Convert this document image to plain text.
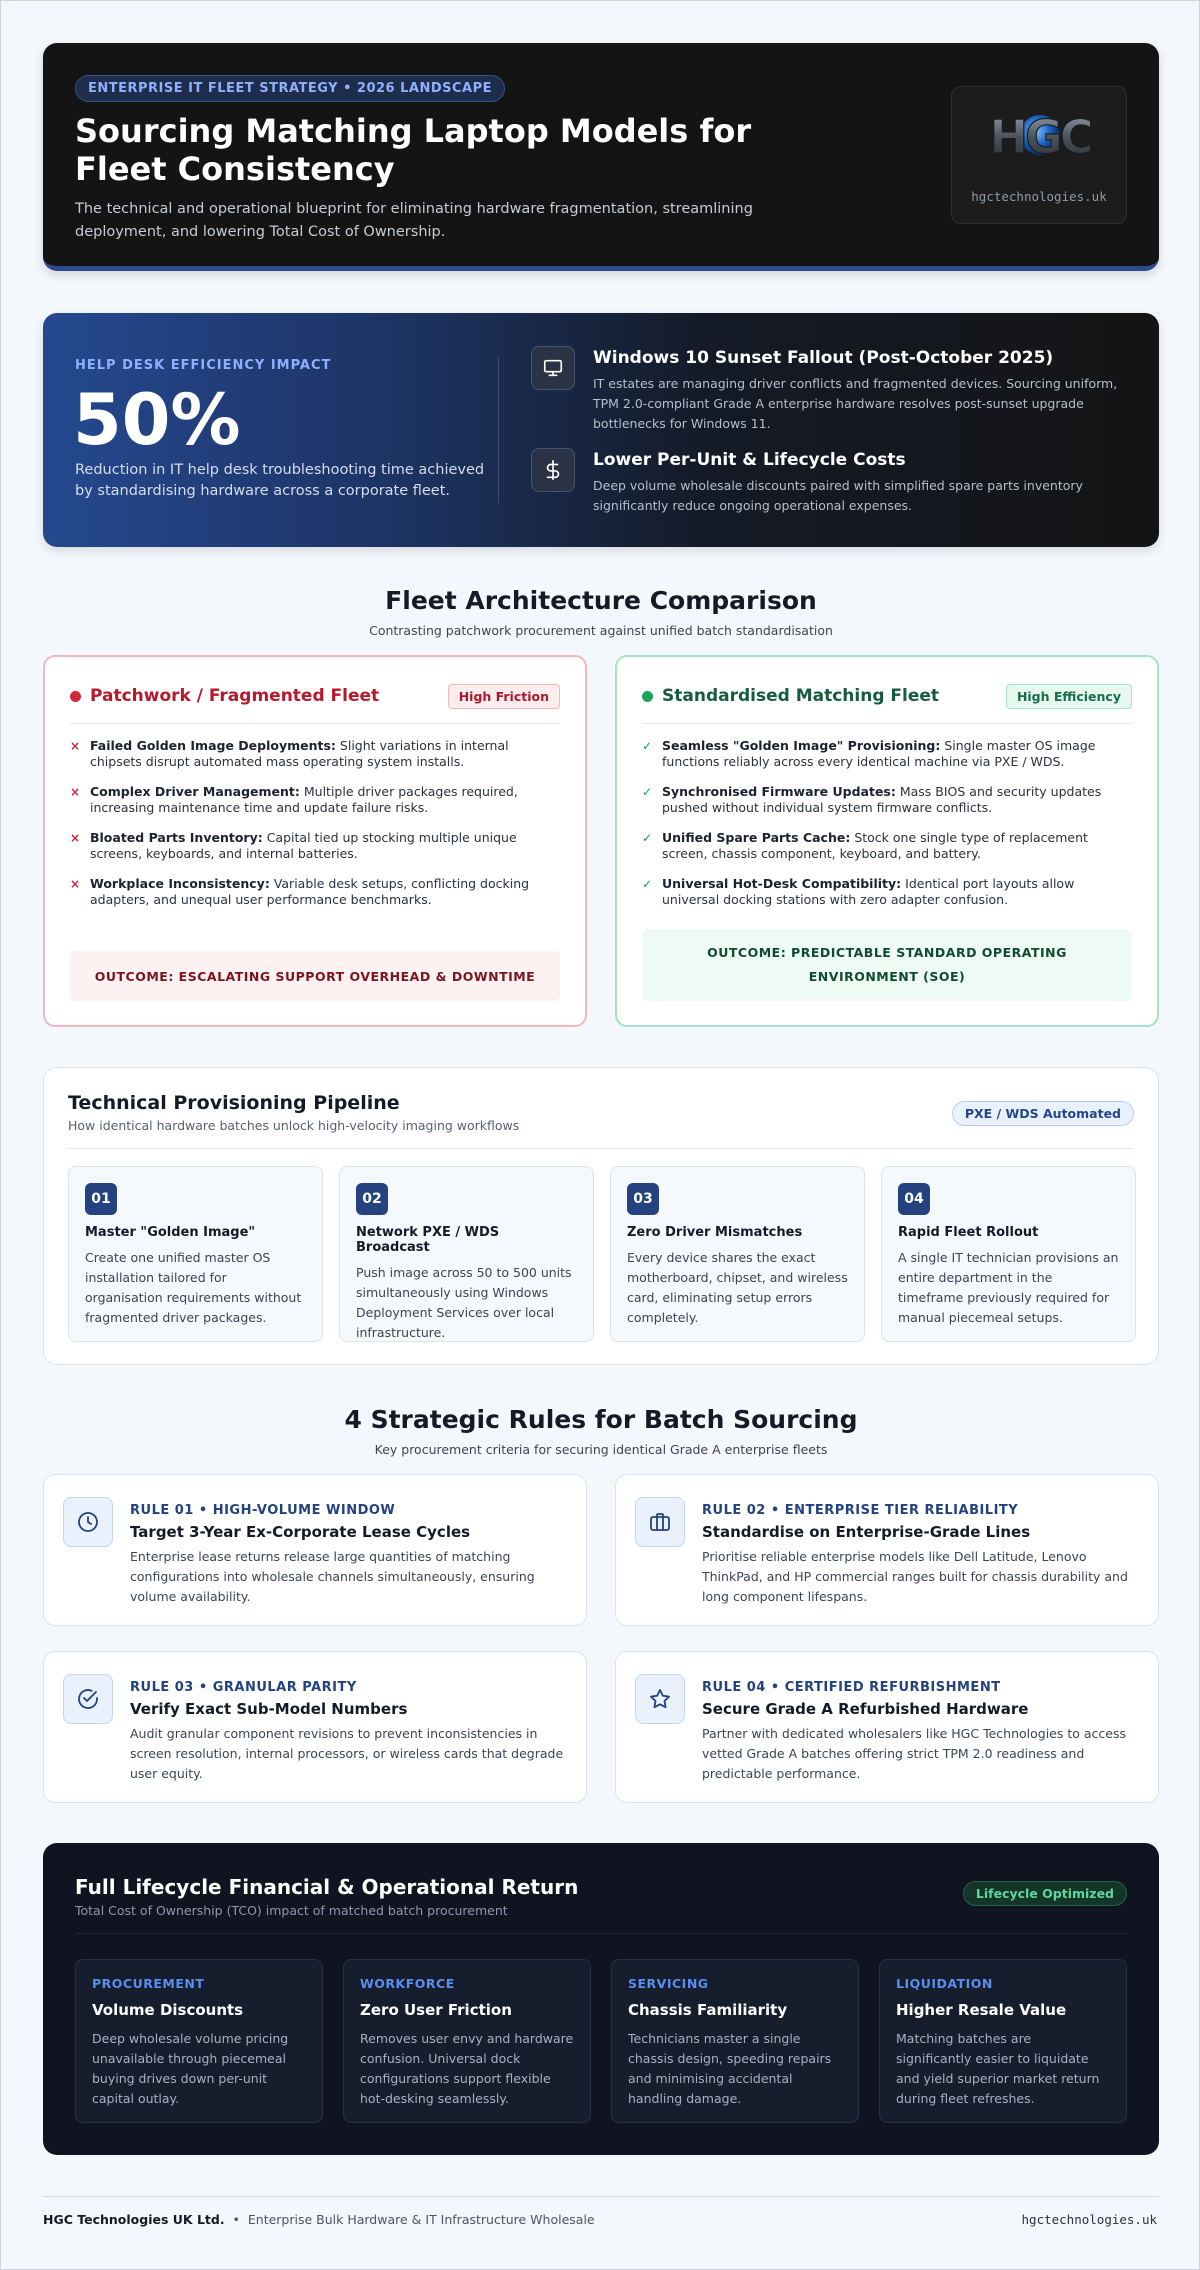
ENTERPRISE IT FLEET STRATEGY • 2026 LANDSCAPE
Sourcing Matching Laptop Models for Fleet Consistency
The technical and operational blueprint for eliminating hardware fragmentation, streamlining deployment, and lowering Total Cost of Ownership.
HGC
hgctechnologies.uk
HELP DESK EFFICIENCY IMPACT
50%
Reduction in IT help desk troubleshooting time achieved by standardising hardware across a corporate fleet.
Windows 10 Sunset Fallout (Post-October 2025)
IT estates are managing driver conflicts and fragmented devices. Sourcing uniform, TPM 2.0-compliant Grade A enterprise hardware resolves post-sunset upgrade bottlenecks for Windows 11.
Lower Per-Unit & Lifecycle Costs
Deep volume wholesale discounts paired with simplified spare parts inventory significantly reduce ongoing operational expenses.
Fleet Architecture Comparison
Contrasting patchwork procurement against unified batch standardisation
Patchwork / Fragmented Fleet	High Friction
× Failed Golden Image Deployments: Slight variations in internal chipsets disrupt automated mass operating system installs.
× Complex Driver Management: Multiple driver packages required, increasing maintenance time and update failure risks.
× Bloated Parts Inventory: Capital tied up stocking multiple unique screens, keyboards, and internal batteries.
× Workplace Inconsistency: Variable desk setups, conflicting docking adapters, and unequal user performance benchmarks.
OUTCOME: ESCALATING SUPPORT OVERHEAD & DOWNTIME
Standardised Matching Fleet	High Efficiency
✓ Seamless "Golden Image" Provisioning: Single master OS image functions reliably across every identical machine via PXE / WDS.
✓ Synchronised Firmware Updates: Mass BIOS and security updates pushed without individual system firmware conflicts.
✓ Unified Spare Parts Cache: Stock one single type of replacement screen, chassis component, keyboard, and battery.
✓ Universal Hot-Desk Compatibility: Identical port layouts allow universal docking stations with zero adapter confusion.
OUTCOME: PREDICTABLE STANDARD OPERATING ENVIRONMENT (SOE)
Technical Provisioning Pipeline
How identical hardware batches unlock high-velocity imaging workflows
PXE / WDS Automated
01
Master "Golden Image"
Create one unified master OS installation tailored for organisation requirements without fragmented driver packages.
02
Network PXE / WDS Broadcast
Push image across 50 to 500 units simultaneously using Windows Deployment Services over local infrastructure.
03
Zero Driver Mismatches
Every device shares the exact motherboard, chipset, and wireless card, eliminating setup errors completely.
04
Rapid Fleet Rollout
A single IT technician provisions an entire department in the timeframe previously required for manual piecemeal setups.
4 Strategic Rules for Batch Sourcing
Key procurement criteria for securing identical Grade A enterprise fleets
RULE 01 • HIGH-VOLUME WINDOW
Target 3-Year Ex-Corporate Lease Cycles
Enterprise lease returns release large quantities of matching configurations into wholesale channels simultaneously, ensuring volume availability.
RULE 02 • ENTERPRISE TIER RELIABILITY
Standardise on Enterprise-Grade Lines
Prioritise reliable enterprise models like Dell Latitude, Lenovo ThinkPad, and HP commercial ranges built for chassis durability and long component lifespans.
RULE 03 • GRANULAR PARITY
Verify Exact Sub-Model Numbers
Audit granular component revisions to prevent inconsistencies in screen resolution, internal processors, or wireless cards that degrade user equity.
RULE 04 • CERTIFIED REFURBISHMENT
Secure Grade A Refurbished Hardware
Partner with dedicated wholesalers like HGC Technologies to access vetted Grade A batches offering strict TPM 2.0 readiness and predictable performance.
Full Lifecycle Financial & Operational Return
Total Cost of Ownership (TCO) impact of matched batch procurement
Lifecycle Optimized
PROCUREMENT
Volume Discounts
Deep wholesale volume pricing unavailable through piecemeal buying drives down per-unit capital outlay.
WORKFORCE
Zero User Friction
Removes user envy and hardware confusion. Universal dock configurations support flexible hot-desking seamlessly.
SERVICING
Chassis Familiarity
Technicians master a single chassis design, speeding repairs and minimising accidental handling damage.
LIQUIDATION
Higher Resale Value
Matching batches are significantly easier to liquidate and yield superior market return during fleet refreshes.
HGC Technologies UK Ltd. • Enterprise Bulk Hardware & IT Infrastructure Wholesale	hgctechnologies.uk
